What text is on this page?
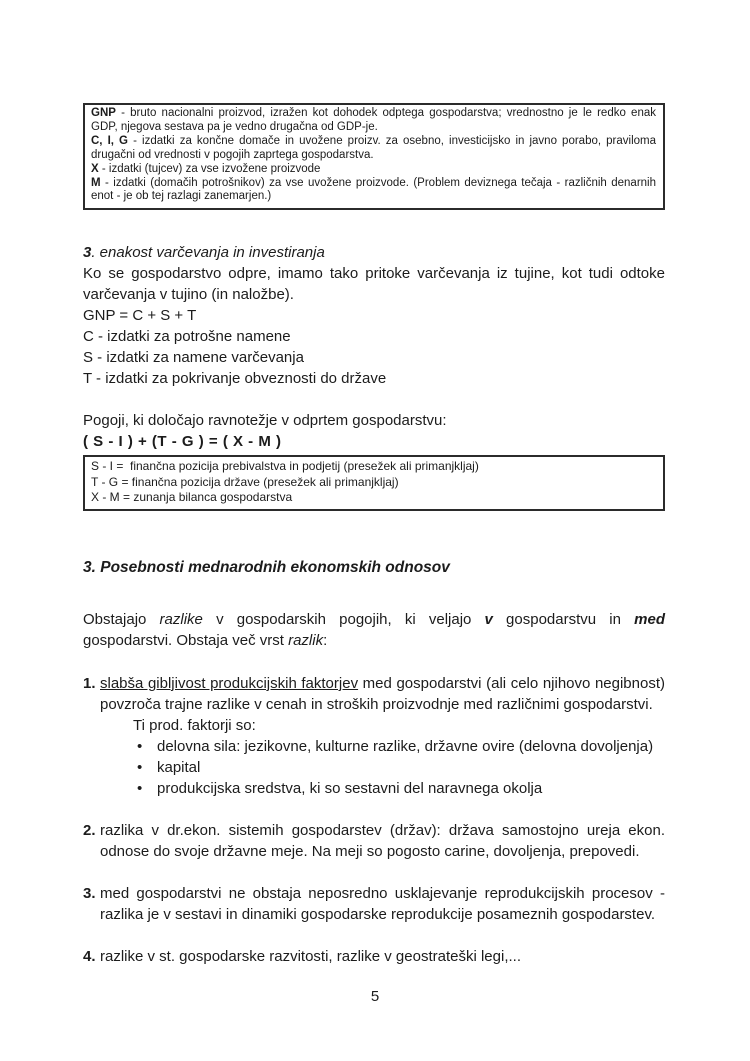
GNP - bruto nacionalni proizvod, izražen kot dohodek odptega gospodarstva; vrednostno je le redko enak GDP, njegova sestava pa je vedno drugačna od GDP-je.

C, I, G - izdatki za končne domače in uvožene proizv. za osebno, investicijsko in javno porabo, praviloma drugačni od vrednosti v pogojih zaprtega gospodarstva.

X - izdatki (tujcev) za vse izvožene proizvode

M - izdatki (domačih potrošnikov) za vse uvožene proizvode. (Problem deviznega tečaja - različnih denarnih enot - je ob tej razlagi zanemarjen.)

3. enakost varčevanja in investiranja

Ko se gospodarstvo odpre, imamo tako pritoke varčevanja iz tujine, kot tudi odtoke varčevanja v tujino (in naložbe).

GNP = C + S + T

C - izdatki za potrošne namene

S - izdatki za namene varčevanja

T - izdatki za pokrivanje obveznosti do države

Pogoji, ki določajo ravnotežje v odprtem gospodarstvu:

( S - I ) + (T - G ) = ( X - M )

S - I =  finančna pozicija prebivalstva in podjetij (presežek ali primanjkljaj)

T - G = finančna pozicija države (presežek ali primanjkljaj)

X - M = zunanja bilanca gospodarstva

3. Posebnosti mednarodnih ekonomskih odnosov

Obstajajo razlike v gospodarskih pogojih, ki veljajo v gospodarstvu in med gospodarstvi. Obstaja več vrst razlik:

1. slabša gibljivost produkcijskih faktorjev med gospodarstvi (ali celo njihovo negibnost) povzroča trajne razlike v cenah in stroških proizvodnje med različnimi gospodarstvi.

Ti prod. faktorji so:

• delovna sila: jezikovne, kulturne razlike, državne ovire (delovna dovoljenja)
• kapital
• produkcijska sredstva, ki so sestavni del naravnega okolja
2. razlika v dr.ekon. sistemih gospodarstev (držav): država samostojno ureja ekon. odnose do svoje državne meje. Na meji so pogosto carine, dovoljenja, prepovedi.
3. med gospodarstvi ne obstaja neposredno usklajevanje reprodukcijskih procesov - razlika je v sestavi in dinamiki gospodarske reprodukcije posameznih gospodarstev.
4. razlike v st. gospodarske razvitosti, razlike v geostrateški legi,...
5
